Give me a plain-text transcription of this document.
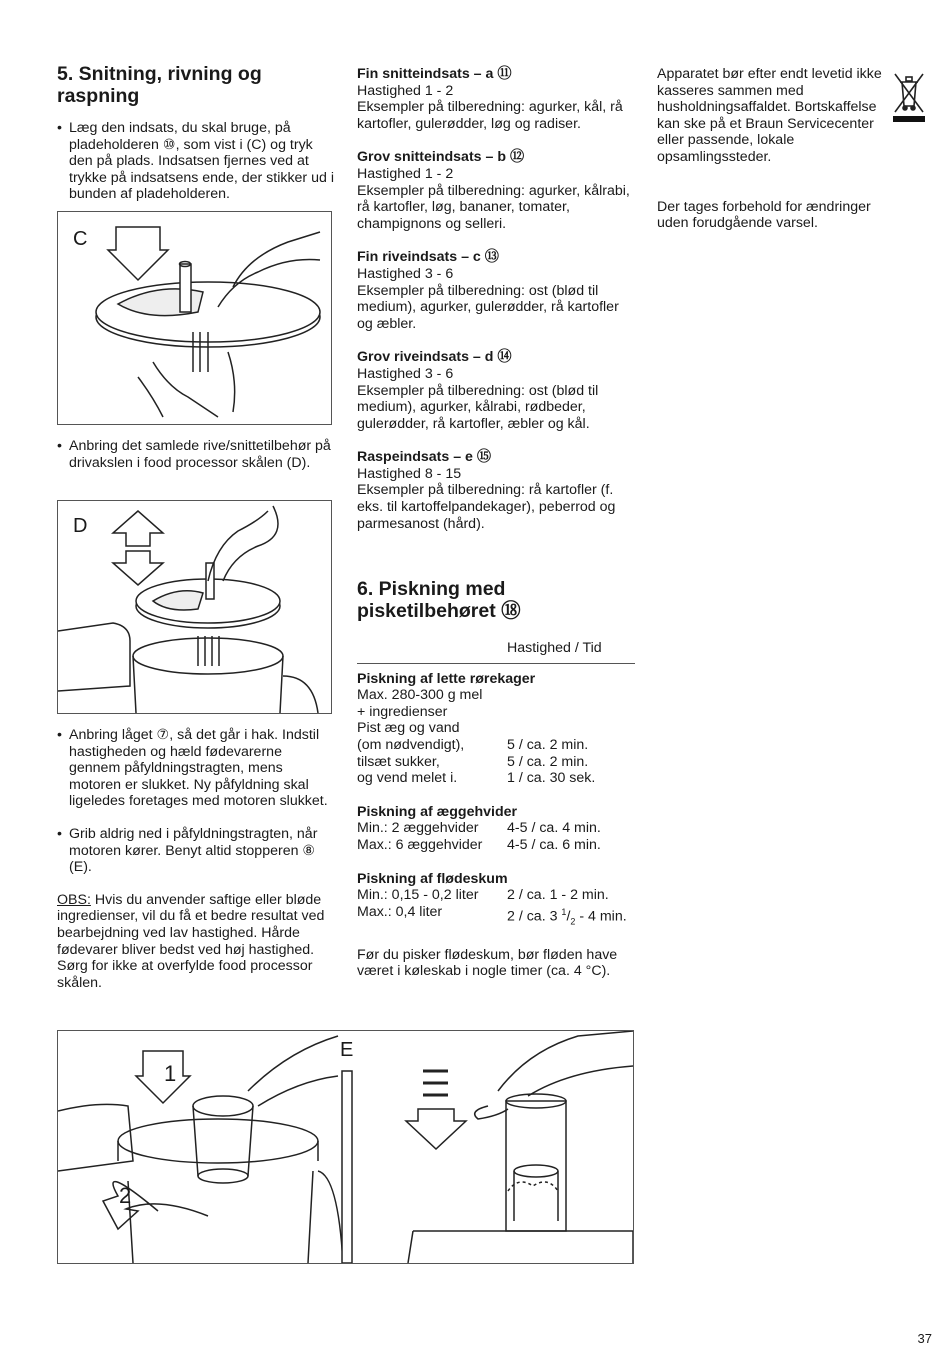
5. Snitning, rivning og raspning
• Læg den indsats, du skal bruge, på pladeholderen ⑩, som vist i (C) og tryk den på plads. Indsatsen fjernes ved at trykke på indsatsens ende, der stikker ud i bunden af pladeholderen.
C
• Anbring det samlede rive/snittetilbehør på drivakslen i food processor skålen (D).
D
• Anbring låget ⑦, så det går i hak. Indstil hastigheden og hæld fødevarerne gennem påfyldningstragten, mens motoren er slukket. Ny påfyldning skal ligeledes foretages med motoren slukket.
• Grib aldrig ned i påfyldningstragten, når motoren kører. Benyt altid stopperen ⑧ (E).

OBS: Hvis du anvender saftige eller bløde ingredienser, vil du få et bedre resultat ved bearbejdning ved lav hastighed. Hårde fødevarer bliver bedst ved høj hastighed. Sørg for ikke at overfylde food processor skålen.

Fin snitteindsats – a ⑪
Hastighed 1 - 2
Eksempler på tilberedning: agurker, kål, rå kartofler, gulerødder, løg og radiser.
Grov snitteindsats – b ⑫
Hastighed 1 - 2
Eksempler på tilberedning: agurker, kålrabi, rå kartofler, løg, bananer, tomater, champignons og selleri.
Fin riveindsats – c ⑬
Hastighed 3 - 6
Eksempler på tilberedning: ost (blød til medium), agurker, gulerødder, rå kartofler og æbler.
Grov riveindsats – d ⑭
Hastighed 3 - 6
Eksempler på tilberedning: ost (blød til medium), agurker, kålrabi, rødbeder, gulerødder, rå kartofler, æbler og kål.
Raspeindsats – e ⑮
Hastighed 8 - 15
Eksempler på tilberedning: rå kartofler (f. eks. til kartoffelpandekager), peberrod og parmesanost (hård).
6. Piskning med pisketilbehøret ⑱
Hastighed / Tid
Piskning af lette rørekager
Max. 280-300 g mel
+ ingredienser
Pist æg og vand
(om nødvendigt),	5 / ca. 2 min.
tilsæt sukker,	5 / ca. 2 min.
og vend melet i.	1 / ca. 30 sek.
Piskning af æggehvider
Min.: 2 æggehvider	4-5 / ca. 4 min.
Max.: 6 æggehvider	4-5 / ca. 6 min.
Piskning af flødeskum
Min.: 0,15 - 0,2 liter	2 / ca. 1 - 2 min.
Max.: 0,4 liter	2 / ca. 3 $^1/_2 - 4$ min.

Før du pisker flødeskum, bør fløden have været i køleskab i nogle timer (ca. 4 °C).

Apparatet bør efter endt levetid ikke kasseres sammen med husholdningsaffaldet. Bortskaffelse kan ske på et Braun Servicecenter eller passende, lokale opsamlingssteder.

Der tages forbehold for ændringer uden forudgående varsel.

E
1
2
37
